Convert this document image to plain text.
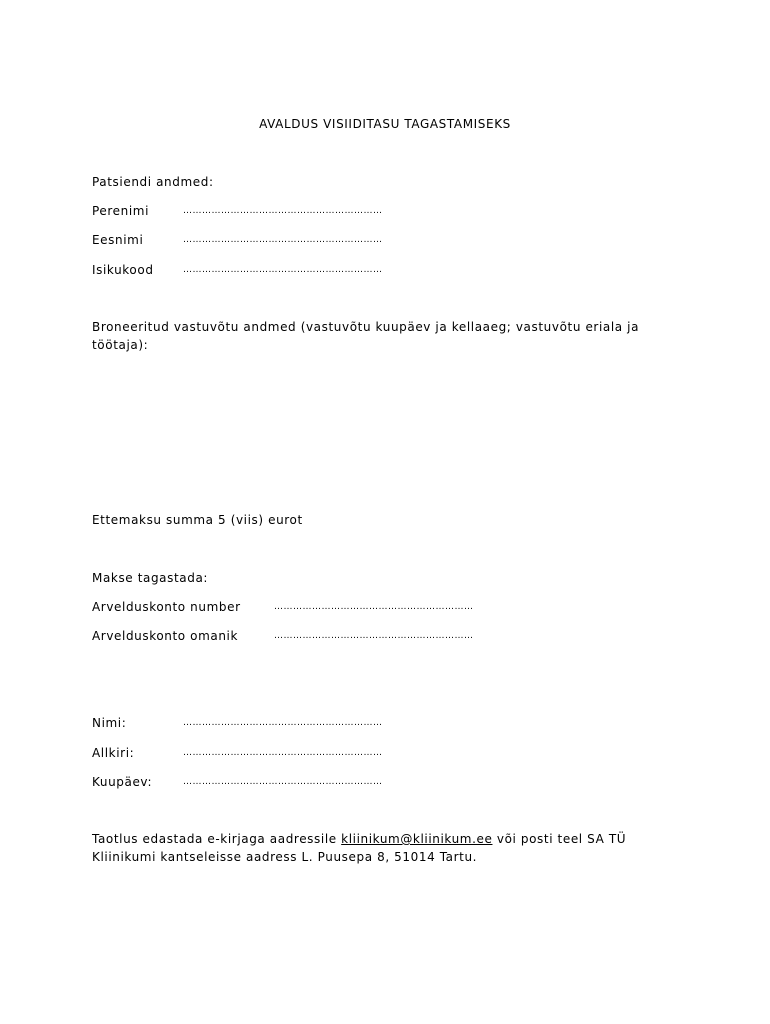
AVALDUS VISIIDITASU TAGASTAMISEKS
Patsiendi andmed:
Perenimi	………………………………………………………
Eesnimi	………………………………………………………
Isikukood	………………………………………………………
Broneeritud vastuvõtu andmed (vastuvõtu kuupäev ja kellaaeg; vastuvõtu eriala ja
töötaja):
Ettemaksu summa 5 (viis) eurot
Makse tagastada:
Arvelduskonto number	………………………………………………………
Arvelduskonto omanik	………………………………………………………
Nimi:	………………………………………………………
Allkiri:	………………………………………………………
Kuupäev:	………………………………………………………
Taotlus edastada e-kirjaga aadressile kliinikum@kliinikum.ee või posti teel SA TÜ
Kliinikumi kantseleisse aadress L. Puusepa 8, 51014 Tartu.
